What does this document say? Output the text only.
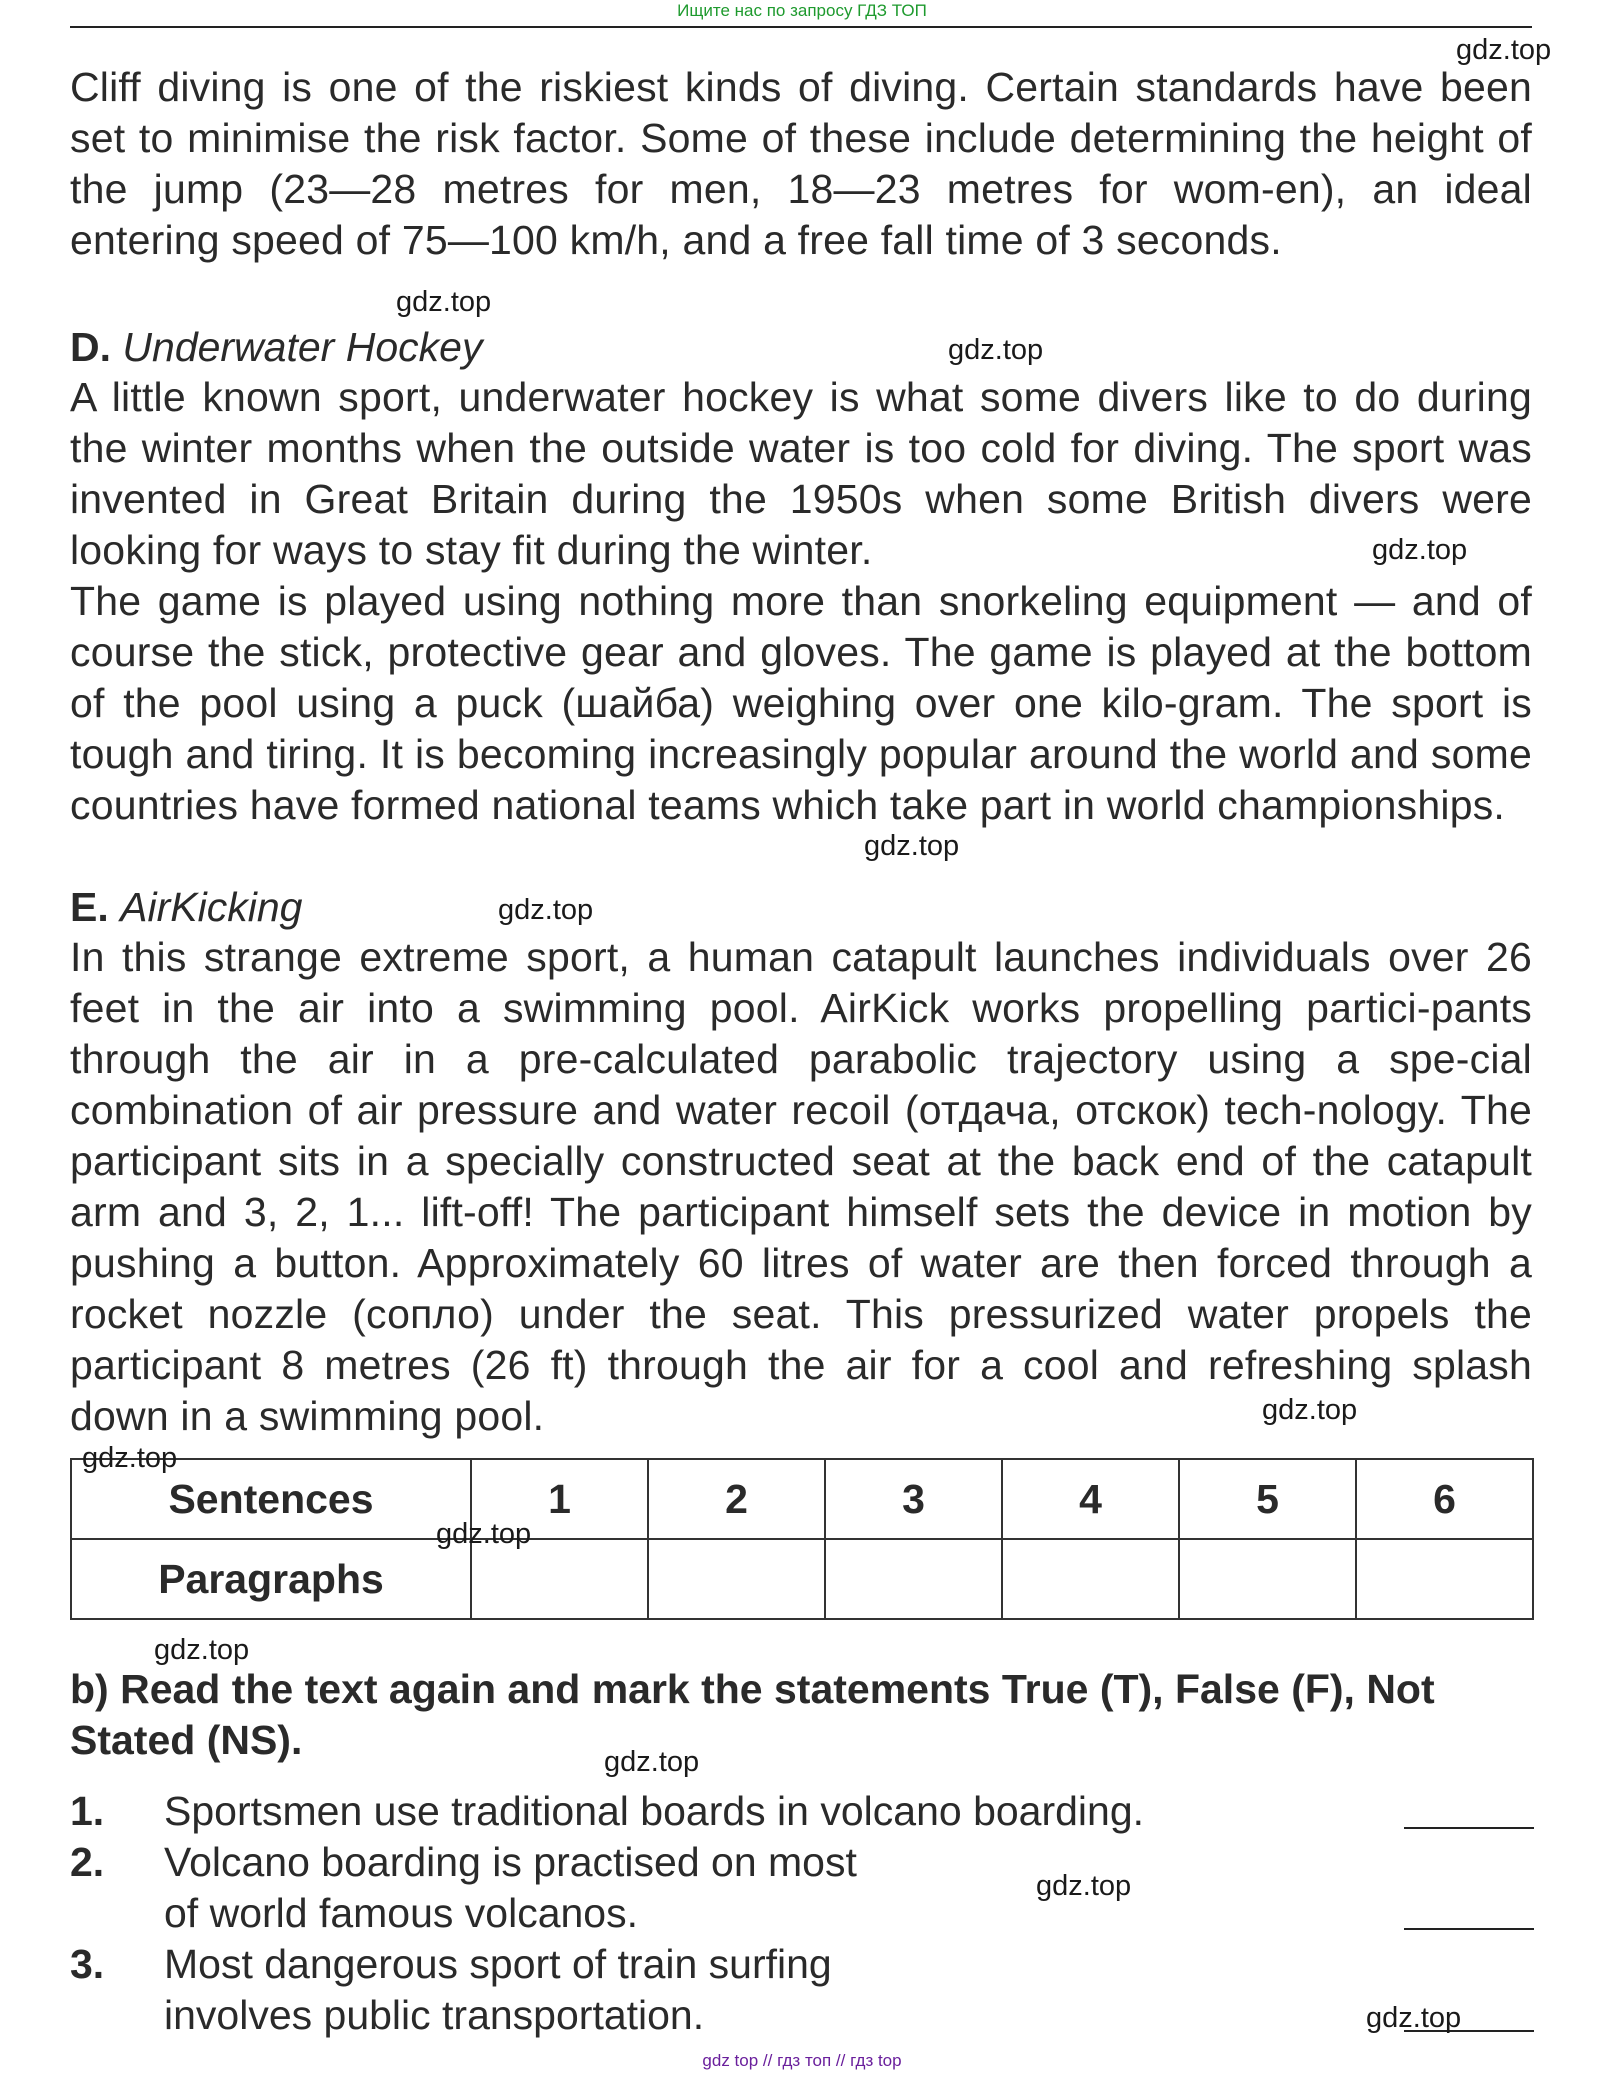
Ищите нас по запросу ГДЗ ТОП

Cliff diving is one of the riskiest kinds of diving. Certain standards have been set to minimise the risk factor. Some of these include determining the height of the jump (23—28 metres for men, 18—23 metres for wom-en), an ideal entering speed of 75—100 km/h, and a free fall time of 3 seconds.

D. Underwater Hockey

A little known sport, underwater hockey is what some divers like to do during the winter months when the outside water is too cold for diving. The sport was invented in Great Britain during the 1950s when some British divers were looking for ways to stay fit during the winter.

The game is played using nothing more than snorkeling equipment — and of course the stick, protective gear and gloves. The game is played at the bottom of the pool using a puck (шайба) weighing over one kilo-gram. The sport is tough and tiring. It is becoming increasingly popular around the world and some countries have formed national teams which take part in world championships.

E. AirKicking

In this strange extreme sport, a human catapult launches individuals over 26 feet in the air into a swimming pool. AirKick works propelling partici-pants through the air in a pre-calculated parabolic trajectory using a spe-cial combination of air pressure and water recoil (отдача, отскок) tech-nology. The participant sits in a specially constructed seat at the back end of the catapult arm and 3, 2, 1... lift-off! The participant himself sets the device in motion by pushing a button. Approximately 60 litres of water are then forced through a rocket nozzle (сопло) under the seat. This pressurized water propels the participant 8 metres (26 ft) through the air for a cool and refreshing splash down in a swimming pool.

Sentences	1	2	3	4	5	6
Paragraphs						

b) Read the text again and mark the statements True (T), False (F), Not Stated (NS).

1. Sportsmen use traditional boards in volcano boarding.
2. Volcano boarding is practised on most
of world famous volcanos.
3. Most dangerous sport of train surfing
involves public transportation.
gdz.top
gdz.top
gdz.top
gdz.top
gdz.top
gdz.top
gdz.top
gdz.top
gdz.top
gdz.top
gdz.top
gdz.top
gdz.top
gdz top // гдз топ // гдз top
